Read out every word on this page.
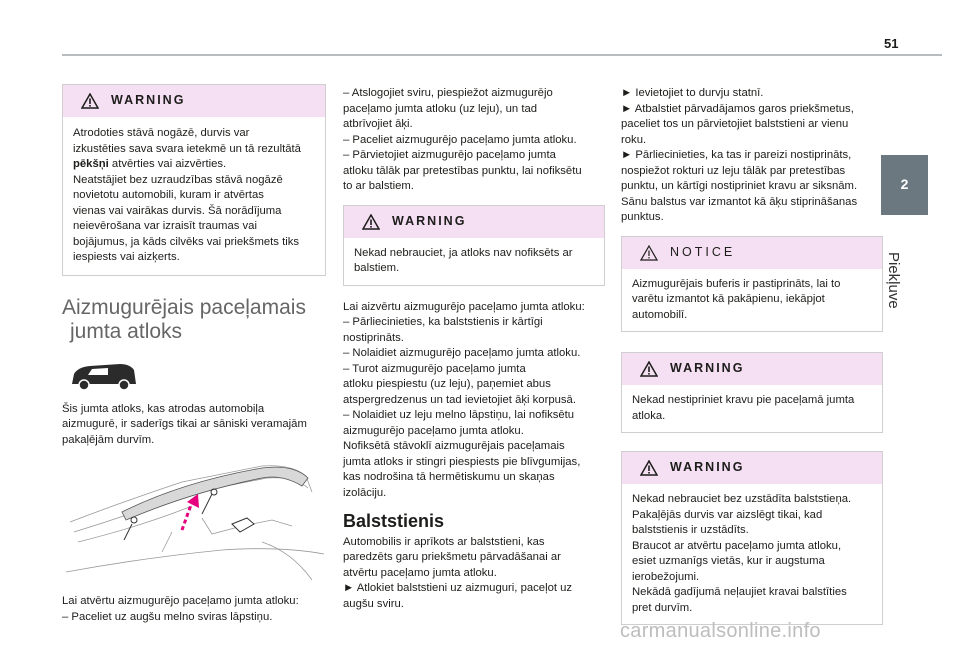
51
2
Piekļuve
WARNING

Atrodoties stāvā nogāzē, durvis var

izkustēties sava svara ietekmē un tā rezultātā

pēkšņi atvērties vai aizvērties.

Neatstājiet bez uzraudzības stāvā nogāzē

novietotu automobili, kuram ir atvērtas

vienas vai vairākas durvis. Šā norādījuma

neievērošana var izraisīt traumas vai

bojājumus, ja kāds cilvēks vai priekšmets tiks

iespiests vai aizķerts.

Aizmugurējais paceļamais

jumta atloks

Šis jumta atloks, kas atrodas automobiļa

aizmugurē, ir saderīgs tikai ar sāniski veramajām

pakaļējām durvīm.

Lai atvērtu aizmugurējo paceļamo jumta atloku:

– Paceliet uz augšu melno sviras lāpstiņu.

– Atslogojiet sviru, piespiežot aizmugurējo

paceļamo jumta atloku (uz leju), un tad

atbrīvojiet āķi.

– Paceliet aizmugurējo paceļamo jumta atloku.

– Pārvietojiet aizmugurējo paceļamo jumta

atloku tālāk par pretestības punktu, lai nofiksētu

to ar balstiem.

WARNING

Nekad nebrauciet, ja atloks nav nofiksēts ar

balstiem.

Lai aizvērtu aizmugurējo paceļamo jumta atloku:

– Pārliecinieties, ka balststienis ir kārtīgi

nostiprināts.

– Nolaidiet aizmugurējo paceļamo jumta atloku.

– Turot aizmugurējo paceļamo jumta

atloku piespiestu (uz leju), paņemiet abus

atspergredzenus un tad ievietojiet āķi korpusā.

– Nolaidiet uz leju melno lāpstiņu, lai nofiksētu

aizmugurējo paceļamo jumta atloku.

Nofiksētā stāvoklī aizmugurējais paceļamais

jumta atloks ir stingri piespiests pie blīvgumijas,

kas nodrošina tā hermētiskumu un skaņas

izolāciju.

Balststienis

Automobilis ir aprīkots ar balststieni, kas

paredzēts garu priekšmetu pārvadāšanai ar

atvērtu paceļamo jumta atloku.

► Atlokiet balststieni uz aizmuguri, paceļot uz

augšu sviru.

► Ievietojiet to durvju statnī.

► Atbalstiet pārvadājamos garos priekšmetus,

paceliet tos un pārvietojiet balststieni ar vienu

roku.

► Pārliecinieties, ka tas ir pareizi nostiprināts,

nospiežot rokturi uz leju tālāk par pretestības

punktu, un kārtīgi nostipriniet kravu ar siksnām.

Sānu balstus var izmantot kā āķu stiprināšanas

punktus.

NOTICE

Aizmugurējais buferis ir pastiprināts, lai to

varētu izmantot kā pakāpienu, iekāpjot

automobilī.

WARNING

Nekad nestipriniet kravu pie paceļamā jumta

atloka.

WARNING

Nekad nebrauciet bez uzstādīta balststieņa.

Pakaļējās durvis var aizslēgt tikai, kad

balststienis ir uzstādīts.

Braucot ar atvērtu paceļamo jumta atloku,

esiet uzmanīgs vietās, kur ir augstuma

ierobežojumi.

Nekādā gadījumā neļaujiet kravai balstīties

pret durvīm.

carmanualsonline.info
